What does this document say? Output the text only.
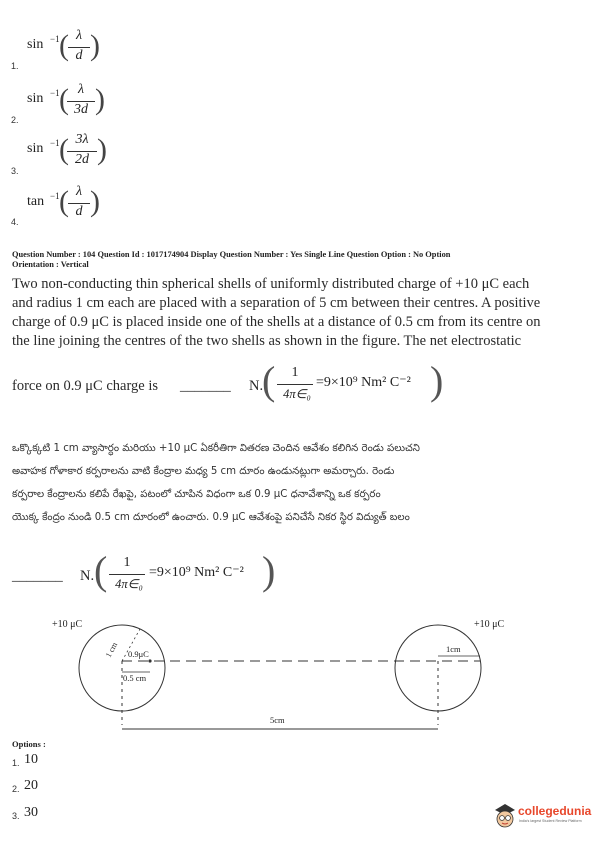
sin −1 ( λ
d )
1.
sin −1 ( λ
3d )
2.
sin −1 ( 3λ
2d )
3.
tan −1 ( λ
d )
4.
Question Number : 104 Question Id : 1017174904 Display Question Number : Yes Single Line Question Option : No Option
Orientation : Vertical
Two non-conducting thin spherical shells of uniformly distributed charge of +10 μC each
and radius 1 cm each are placed with a separation of 5 cm between their centres. A positive
charge of 0.9 μC is placed inside one of the shells at a distance of 0.5 cm from its centre on
the line joining the centres of the two shells as shown in the figure. The net electrostatic
force on 0.9 μC charge is _______ N.
(	1
4π∈₀
=9×10⁹ Nm² C⁻² )
ఒక్కొక్కటి 1 cm వ్యాసార్ధం మరియు +10 μC ఏకరీతిగా వితరణ చెందిన ఆవేశం కలిగిన రెండు పలుచని
అవాహక గోళాకార కర్పరాలను వాటి కేంద్రాల మధ్య 5 cm దూరం ఉండునట్లుగా అమర్చారు. రెండు
కర్పరాల కేంద్రాలను కలిపే రేఖపై, పటంలో చూపిన విధంగా ఒక 0.9 μC ధనావేశాన్ని ఒక కర్పరం
యొక్క కేంద్రం నుండి 0.5 cm దూరంలో ఉంచారు. 0.9 μC ఆవేశంపై పనిచేసే నికర స్థిర విద్యుత్ బలం
_______ N. (	1
4π∈₀
=9×10⁹ Nm² C⁻² )
+10 μC	+10 μC
1 cm	1cm
0.9μC
0.5 cm
5cm
Options :
1. 10
2. 20
3. 30	collegedunia
India's largest Student Review Platform
